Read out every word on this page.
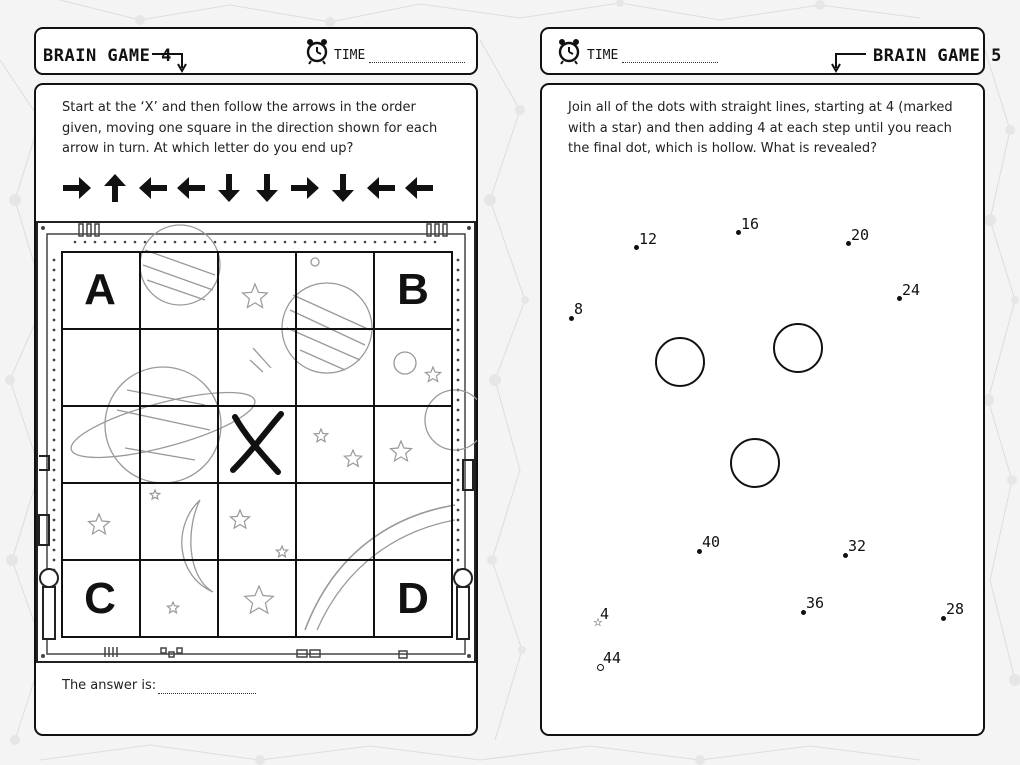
BRAIN GAME 4	TIME
Start at the ‘X’ and then follow the arrows in the order given, moving one square in the direction shown for each arrow in turn. At which letter do you end up?
A	B
C	D
The answer is:
TIME	BRAIN GAME 5
Join all of the dots with straight lines, starting at 4 (marked with a star) and then adding 4 at each step until you reach the final dot, which is hollow. What is revealed?
12
16
20
24
8
40	32
36	28
☆
4
44
